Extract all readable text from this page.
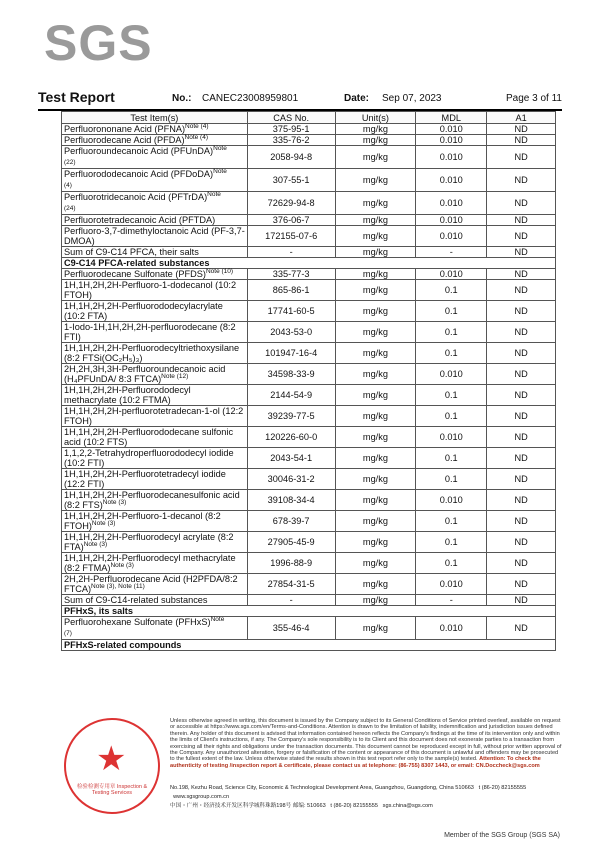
SGS
Test Report	No.: CANEC23008959801	Date: Sep 07, 2023	Page 3 of 11
Test Item(s)	CAS No.	Unit(s)	MDL	A1
Perfluorononane Acid (PFNA)$^{Note (4)}$	375-95-1	mg/kg	0.010	ND
Perfluorodecane Acid (PFDA)$^{Note (4)}$	335-76-2	mg/kg	0.010	ND
Perfluoroundecanoic Acid (PFUnDA)$^{Note}$
(22)	2058-94-8	mg/kg	0.010	ND
Perfluorododecanoic Acid (PFDoDA)$^{Note}$
(4)	307-55-1	mg/kg	0.010	ND
Perfluorotridecanoic Acid (PFTrDA)$^{Note}$
(24)	72629-94-8	mg/kg	0.010	ND
Perfluorotetradecanoic Acid (PFTDA)	376-06-7	mg/kg	0.010	ND
Perfluoro-3,7-dimethyloctanoic Acid (PF-3,7-DMOA)	172155-07-6	mg/kg	0.010	ND
Sum of C9-C14 PFCA, their salts	-	mg/kg	-	ND
C9-C14 PFCA-related substances				
Perfluorodecane Sulfonate (PFDS)$^{Note (10)}$	335-77-3	mg/kg	0.010	ND
1H,1H,2H,2H-Perfluoro-1-dodecanol (10:2 FTOH)	865-86-1	mg/kg	0.1	ND
1H,1H,2H,2H-Perfluorododecylacrylate (10:2 FTA)	17741-60-5	mg/kg	0.1	ND
1-Iodo-1H,1H,2H,2H-perfluorodecane (8:2 FTI)	2043-53-0	mg/kg	0.1	ND
1H,1H,2H,2H-Perfluorodecyltriethoxysilane (8:2 FTSi(OC₂H₅)₃)	101947-16-4	mg/kg	0.1	ND
2H,2H,3H,3H-Perfluoroundecanoic acid (H₄PFUnDA/ 8:3 FTCA)$^{Note (12)}$	34598-33-9	mg/kg	0.010	ND
1H,1H,2H,2H-Perfluorododecyl methacrylate (10:2 FTMA)	2144-54-9	mg/kg	0.1	ND
1H,1H,2H,2H-perfluorotetradecan-1-ol (12:2 FTOH)	39239-77-5	mg/kg	0.1	ND
1H,1H,2H,2H-Perfluorododecane sulfonic acid (10:2 FTS)	120226-60-0	mg/kg	0.010	ND
1,1,2,2-Tetrahydroperfluorododecyl iodide (10:2 FTI)	2043-54-1	mg/kg	0.1	ND
1H,1H,2H,2H-Perfluorotetradecyl iodide (12:2 FTI)	30046-31-2	mg/kg	0.1	ND
1H,1H,2H,2H-Perfluorodecanesulfonic acid (8:2 FTS)$^{Note (3)}$	39108-34-4	mg/kg	0.010	ND
1H,1H,2H,2H-Perfluoro-1-decanol (8:2 FTOH)$^{Note (3)}$	678-39-7	mg/kg	0.1	ND
1H,1H,2H,2H-Perfluorodecyl acrylate (8:2 FTA)$^{Note (3)}$	27905-45-9	mg/kg	0.1	ND
1H,1H,2H,2H-Perfluorodecyl methacrylate (8:2 FTMA)$^{Note (3)}$	1996-88-9	mg/kg	0.1	ND
2H,2H-Perfluorodecane Acid (H2PFDA/8:2 FTCA)$^{Note (3), Note (11)}$	27854-31-5	mg/kg	0.010	ND
Sum of C9-C14-related substances	-	mg/kg	-	ND
PFHxS, its salts				
Perfluorohexane Sulfonate (PFHxS)$^{Note}$
(7)	355-46-4	mg/kg	0.010	ND
PFHxS-related compounds				
★
检验检测专用章 Inspection & Testing Services
Unless otherwise agreed in writing, this document is issued by the Company subject to its General Conditions of Service printed overleaf, available on request or accessible at https://www.sgs.com/en/Terms-and-Conditions. Attention is drawn to the limitation of liability, indemnification and jurisdiction issues defined therein. Any holder of this document is advised that information contained hereon reflects the Company's findings at the time of its intervention only and within the limits of Client's instructions, if any. The Company's sole responsibility is to its Client and this document does not exonerate parties to a transaction from exercising all their rights and obligations under the transaction documents. This document cannot be reproduced except in full, without prior written approval of the Company. Any unauthorized alteration, forgery or falsification of the content or appearance of this document is unlawful and offenders may be prosecuted to the fullest extent of the law. Unless otherwise stated the results shown in this test report refer only to the sample(s) tested. Attention: To check the authenticity of testing /inspection report & certificate, please contact us at telephone: (86-755) 8307 1443, or email: CN.Doccheck@sgs.com
No.198, Kezhu Road, Science City, Economic & Technological Development Area, Guangzhou, Guangdong, China 510663 t (86-20) 82155555   www.sgsgroup.com.cn
中国・广州・经济技术开发区科学城科珠路198号 邮编: 510663 t (86-20) 82155555 sgs.china@sgs.com
Member of the SGS Group (SGS SA)
